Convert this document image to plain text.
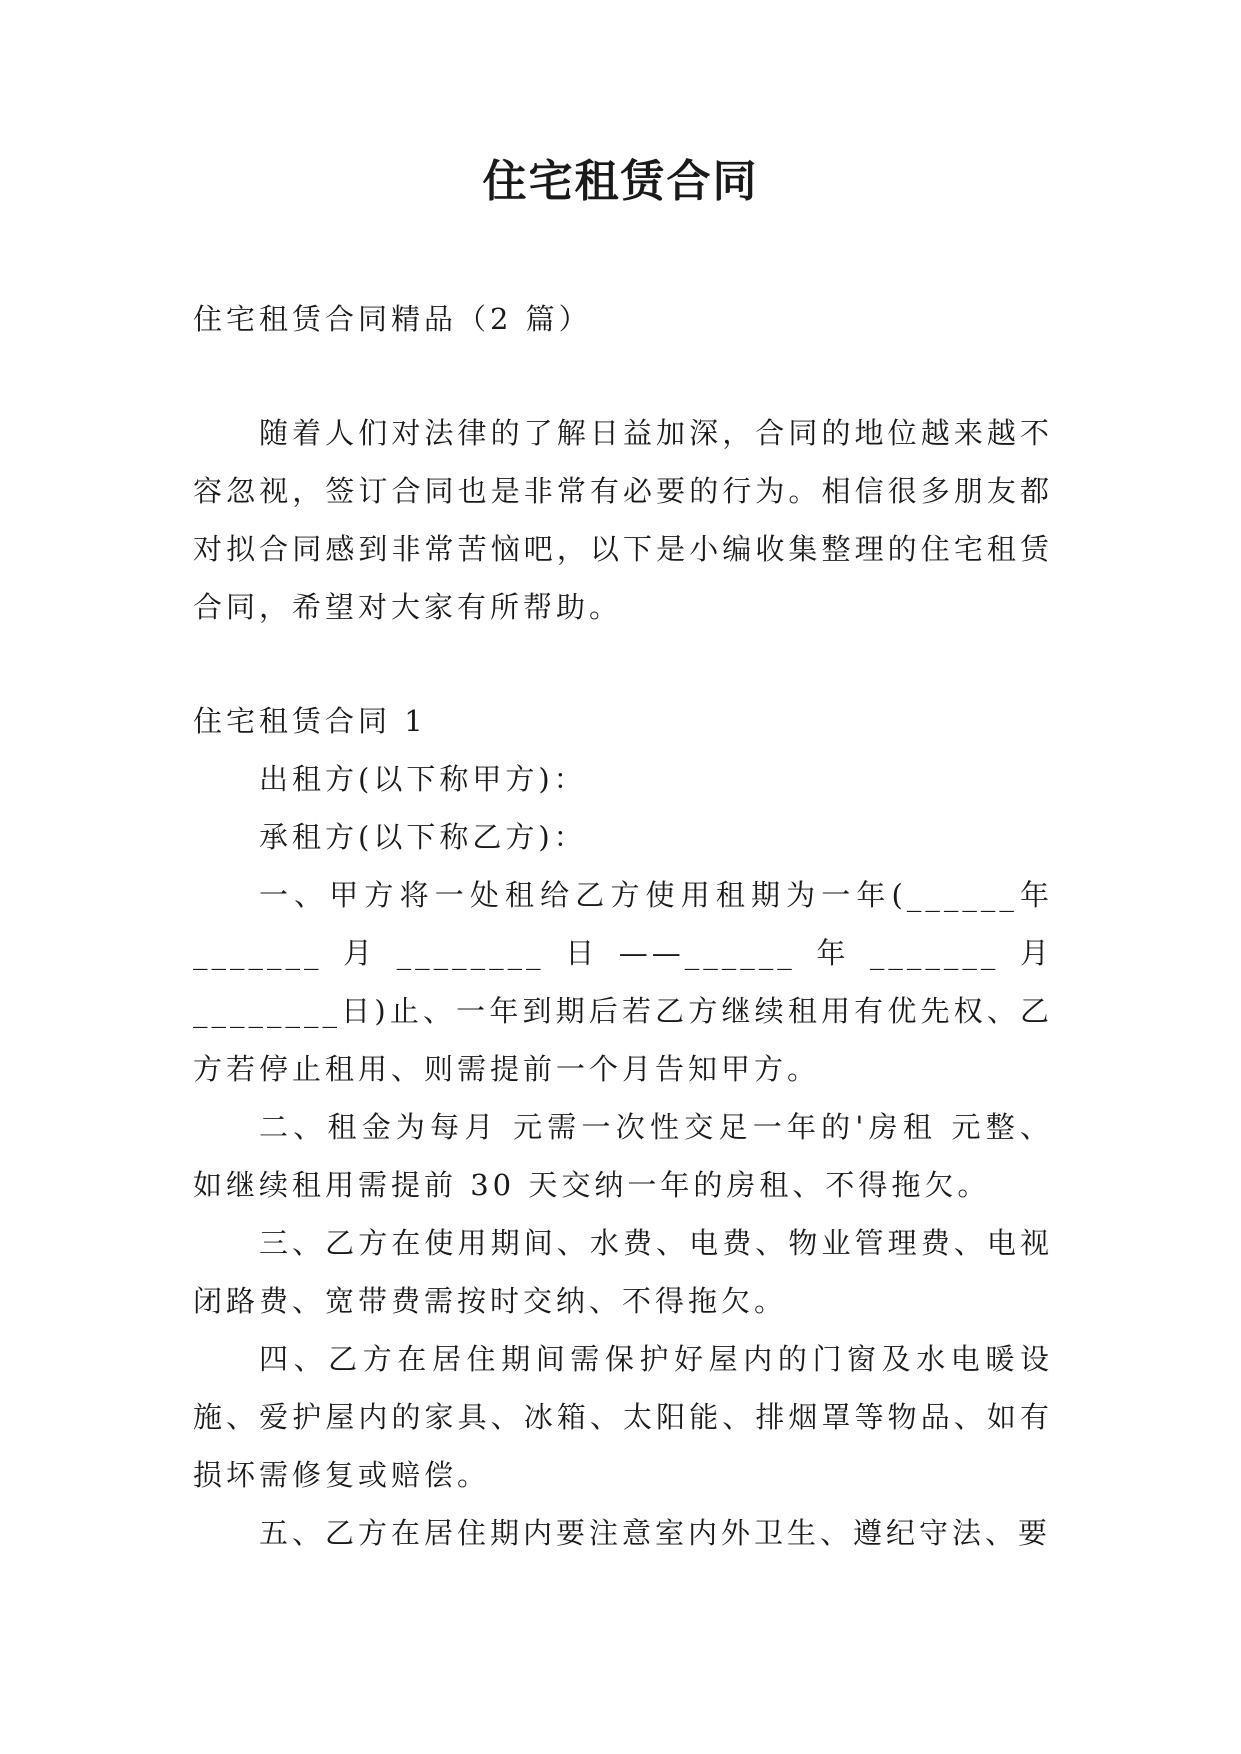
住宅租赁合同

住宅租赁合同精品（2 篇）

随着人们对法律的了解日益加深，合同的地位越来越不容忽视，签订合同也是非常有必要的行为。相信很多朋友都对拟合同感到非常苦恼吧，以下是小编收集整理的住宅租赁合同，希望对大家有所帮助。

住宅租赁合同 1

出租方(以下称甲方)：

承租方(以下称乙方)：

一、甲方将一处租给乙方使用租期为一年(______年_______月________日——______年_______月________日)止、一年到期后若乙方继续租用有优先权、乙方若停止租用、则需提前一个月告知甲方。

二、租金为每月 元需一次性交足一年的'房租 元整、如继续租用需提前 30 天交纳一年的房租、不得拖欠。

三、乙方在使用期间、水费、电费、物业管理费、电视闭路费、宽带费需按时交纳、不得拖欠。

四、乙方在居住期间需保护好屋内的门窗及水电暖设施、爱护屋内的家具、冰箱、太阳能、排烟罩等物品、如有损坏需修复或赔偿。

五、乙方在居住期内要注意室内外卫生、遵纪守法、要
